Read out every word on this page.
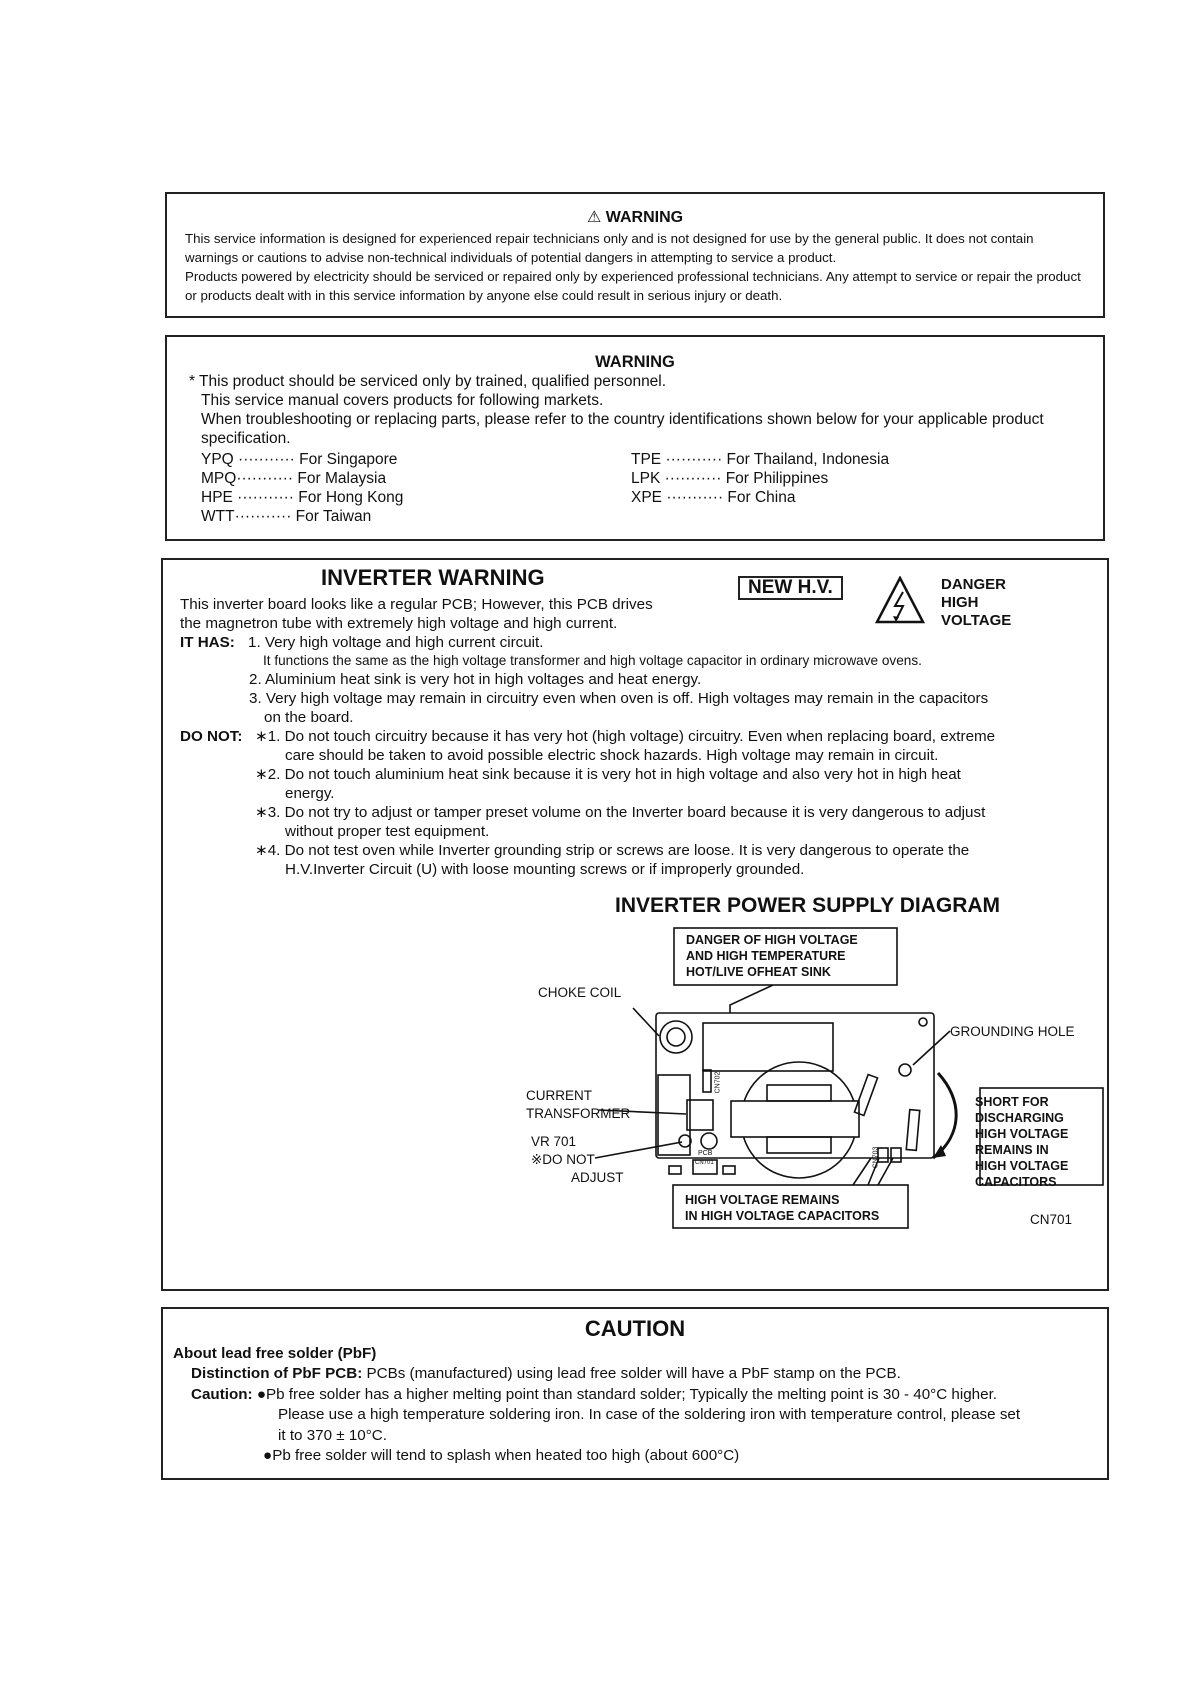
⚠ WARNING
This service information is designed for experienced repair technicians only and is not designed for use by the general public. It does not contain warnings or cautions to advise non-technical individuals of potential dangers in attempting to service a product.
Products powered by electricity should be serviced or repaired only by experienced professional technicians. Any attempt to service or repair the product or products dealt with in this service information by anyone else could result in serious injury or death.
WARNING
* This product should be serviced only by trained, qualified personnel.
This service manual covers products for following markets.
When troubleshooting or replacing parts, please refer to the country identifications shown below for your applicable product specification.
YPQ ··········· For Singapore	TPE ··········· For Thailand, Indonesia
MPQ··········· For Malaysia	LPK ··········· For Philippines
HPE ··········· For Hong Kong	XPE ··········· For China
WTT··········· For Taiwan
INVERTER WARNING	NEW H.V.	DANGER
HIGH
VOLTAGE
This inverter board looks like a regular PCB; However, this PCB drives
the magnetron tube with extremely high voltage and high current.
IT HAS: 1. Very high voltage and high current circuit.
It functions the same as the high voltage transformer and high voltage capacitor in ordinary microwave ovens.
2. Aluminium heat sink is very hot in high voltages and heat energy.
3. Very high voltage may remain in circuitry even when oven is off. High voltages may remain in the capacitors
on the board.
DO NOT: ∗1. Do not touch circuitry because it has very hot (high voltage) circuitry. Even when replacing board, extreme
care should be taken to avoid possible electric shock hazards. High voltage may remain in circuit.
∗2. Do not touch aluminium heat sink because it is very hot in high voltage and also very hot in high heat
energy.
∗3. Do not try to adjust or tamper preset volume on the Inverter board because it is very dangerous to adjust
without proper test equipment.
∗4. Do not test oven while Inverter grounding strip or screws are loose. It is very dangerous to operate the
H.V.Inverter Circuit (U) with loose mounting screws or if improperly grounded.
INVERTER POWER SUPPLY DIAGRAM
DANGER OF HIGH VOLTAGE
AND HIGH TEMPERATURE
HOT/LIVE OFHEAT SINK
CHOKE COIL
GROUNDING HOLE
CURRENT
TRANSFORMER
VR 701
※DO NOT
ADJUST
SHORT FOR
DISCHARGING
HIGH VOLTAGE
REMAINS IN
HIGH VOLTAGE
CAPACITORS
HIGH VOLTAGE REMAINS
IN HIGH VOLTAGE CAPACITORS	CN701
CN702
PCB
CN701	CN703
CAUTION
About lead free solder (PbF)
Distinction of PbF PCB: PCBs (manufactured) using lead free solder will have a PbF stamp on the PCB.
Caution: ●Pb free solder has a higher melting point than standard solder; Typically the melting point is 30 - 40°C higher.
Please use a high temperature soldering iron. In case of the soldering iron with temperature control, please set
it to 370 ± 10°C.
●Pb free solder will tend to splash when heated too high (about 600°C)
